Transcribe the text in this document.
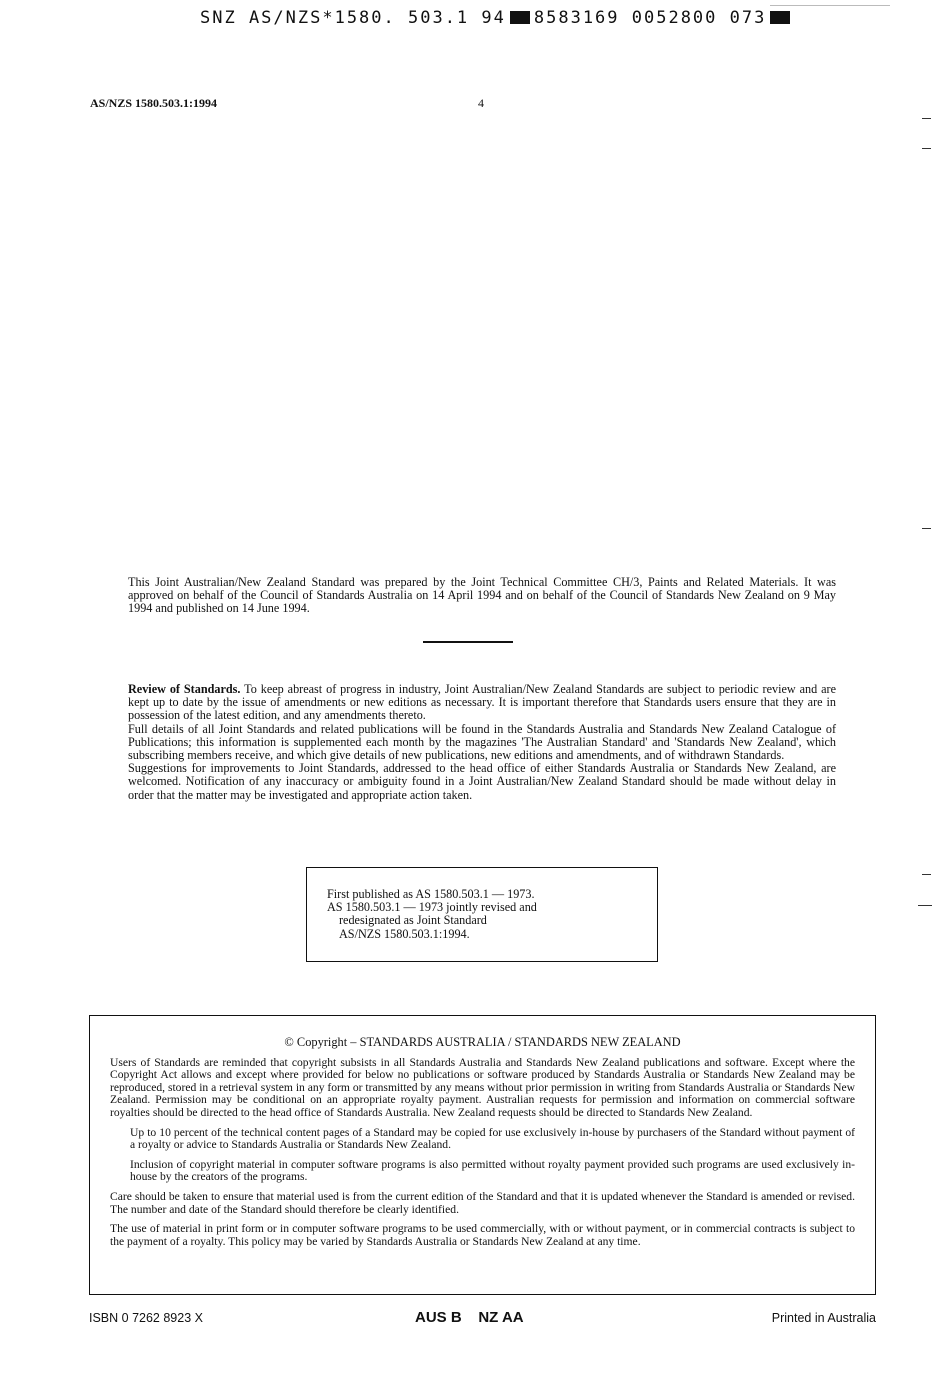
SNZ AS/NZS*1580. 503.1 94 8583169 0052800 073
AS/NZS 1580.503.1:1994	4

This Joint Australian/New Zealand Standard was prepared by the Joint Technical Committee CH/3, Paints and Related Materials. It was approved on behalf of the Council of Standards Australia on 14 April 1994 and on behalf of the Council of Standards New Zealand on 9 May 1994 and published on 14 June 1994.

Review of Standards. To keep abreast of progress in industry, Joint Australian/New Zealand Standards are subject to periodic review and are kept up to date by the issue of amendments or new editions as necessary. It is important therefore that Standards users ensure that they are in possession of the latest edition, and any amendments thereto.

Full details of all Joint Standards and related publications will be found in the Standards Australia and Standards New Zealand Catalogue of Publications; this information is supplemented each month by the magazines 'The Australian Standard' and 'Standards New Zealand', which subscribing members receive, and which give details of new publications, new editions and amendments, and of withdrawn Standards.

Suggestions for improvements to Joint Standards, addressed to the head office of either Standards Australia or Standards New Zealand, are welcomed. Notification of any inaccuracy or ambiguity found in a Joint Australian/New Zealand Standard should be made without delay in order that the matter may be investigated and appropriate action taken.

First published as AS 1580.503.1 — 1973.
AS 1580.503.1 — 1973 jointly revised and
redesignated as Joint Standard
AS/NZS 1580.503.1:1994.
© Copyright – STANDARDS AUSTRALIA / STANDARDS NEW ZEALAND

Users of Standards are reminded that copyright subsists in all Standards Australia and Standards New Zealand publications and software. Except where the Copyright Act allows and except where provided for below no publications or software produced by Standards Australia or Standards New Zealand may be reproduced, stored in a retrieval system in any form or transmitted by any means without prior permission in writing from Standards Australia or Standards New Zealand. Permission may be conditional on an appropriate royalty payment. Australian requests for permission and information on commercial software royalties should be directed to the head office of Standards Australia. New Zealand requests should be directed to Standards New Zealand.

Up to 10 percent of the technical content pages of a Standard may be copied for use exclusively in-house by purchasers of the Standard without payment of a royalty or advice to Standards Australia or Standards New Zealand.

Inclusion of copyright material in computer software programs is also permitted without royalty payment provided such programs are used exclusively in-house by the creators of the programs.

Care should be taken to ensure that material used is from the current edition of the Standard and that it is updated whenever the Standard is amended or revised. The number and date of the Standard should therefore be clearly identified.

The use of material in print form or in computer software programs to be used commercially, with or without payment, or in commercial contracts is subject to the payment of a royalty. This policy may be varied by Standards Australia or Standards New Zealand at any time.

ISBN 0 7262 8923 X	AUS B    NZ AA	Printed in Australia
